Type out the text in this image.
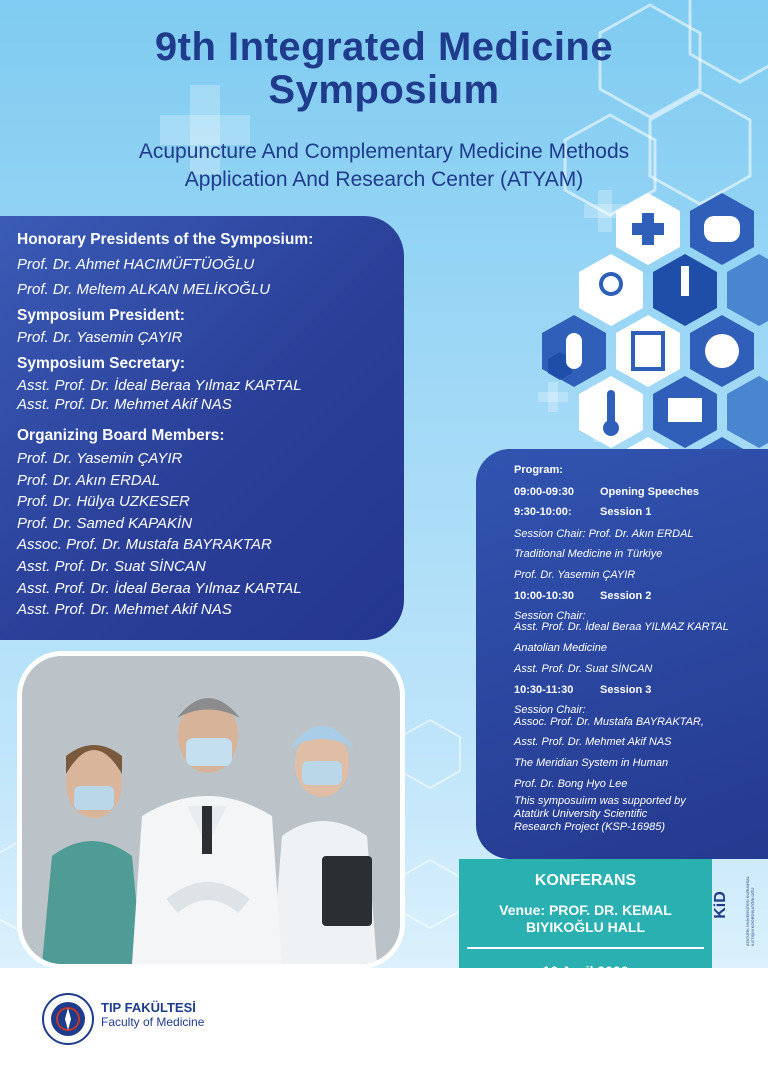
9th Integrated Medicine
Symposium
Acupuncture And Complementary Medicine Methods
Application And Research Center (ATYAM)
Honorary Presidents of the Symposium:
Prof. Dr. Ahmet HACIMÜFTÜOĞLU
Prof. Dr. Meltem ALKAN MELİKOĞLU
Symposium President:
Prof. Dr. Yasemin ÇAYIR
Symposium Secretary:
Asst. Prof. Dr. İdeal Beraa Yılmaz KARTAL
Asst. Prof. Dr. Mehmet Akif NAS
Organizing Board Members:
Prof. Dr. Yasemin ÇAYIR
Prof. Dr. Akın ERDAL
Prof. Dr. Hülya UZKESER
Prof. Dr. Samed KAPAKİN
Assoc. Prof. Dr. Mustafa BAYRAKTAR
Asst. Prof. Dr. Suat SİNCAN
Asst. Prof. Dr. İdeal Beraa Yılmaz KARTAL
Asst. Prof. Dr. Mehmet Akif NAS
Program:
09:00-09:30 Opening Speeches
9:30-10:00:	Session 1
Session Chair: Prof. Dr. Akın ERDAL
Traditional Medicine in Türkiye
Prof. Dr. Yasemin ÇAYIR
10:00-10:30 Session 2
Session Chair:
Asst. Prof. Dr. İdeal Beraa YILMAZ KARTAL
Anatolian Medicine
Asst. Prof. Dr. Suat SİNCAN
10:30-11:30 Session 3
Session Chair:
Assoc. Prof. Dr. Mustafa BAYRAKTAR,
Asst. Prof. Dr. Mehmet Akif NAS
The Meridian System in Human
Prof. Dr. Bong Hyo Lee
This symposuiım was supported by
Atatürk University Scientific
Research Project (KSP-16985)
KONFERANS
Venue: PROF. DR. KEMAL
BIYIKOĞLU HALL
KiD	ATATÜRK ÜNİVERSİTESİ KURUMSAL İLETİŞİM KOORDİNATÖRLÜĞÜ
TIP FAKÜLTESİ
Faculty of Medicine
